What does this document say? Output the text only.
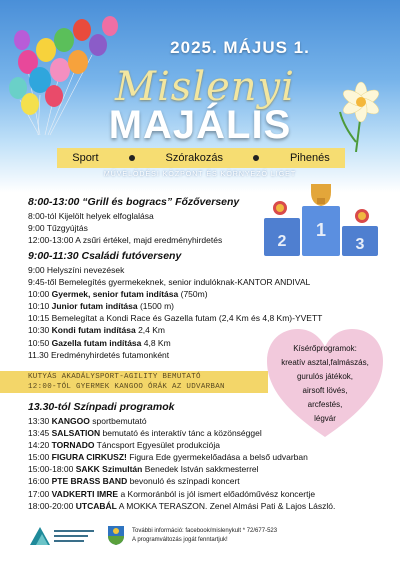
2025. MÁJUS 1.
Mislenyi
MAJÁLIS
Sport	Szórakozás	Pihenés
MŰVELŐDÉSI KÖZPONT ÉS KÖRNYEZŐ LIGET
8:00-13:00 “Grill és bogracs” Főzőverseny
8:00-tól Kijelölt helyek elfoglalása
9:00 Tűzgyújtás
12:00-13:00 A zsűri értékel, majd eredményhirdetés	2
1
3
9:00-11:30 Családi futóverseny
9:00 Helyszíni nevezések
9:45-től Bemelegítés gyermekeknek, senior indulóknak-KANTOR ANDIVAL
10:00 Gyermek, senior futam indítása (750m)
10:10 Junior futam indítása (1500 m)
10:15 Bemelegítat a Kondi Race és Gazella futam (2,4 Km és 4,8 Km)-YVETT
10:30 Kondi futam indítása 2,4 Km
10:50 Gazella futam indítása 4,8 Km
11.30 Eredményhirdetés futamonként
KUTYÁS AKADÁLYSPORT-AGILITY BEMUTATÓ
12:00-TÓL GYERMEK KANGOO ÓRÁK AZ UDVARBAN
Kísérőprogramok:
kreatív asztal,falmászás,
gurulós játékok,
airsoft lövés,
arcfestés,
légvár
13.30-tól Színpadi programok
13:30 KANGOO sportbemutató
13:45 SALSATION bemutató és interaktív tánc a közönséggel
14:20 TORNADO Táncsport Egyesület produkciója
15:00 FIGURA CIRKUSZ! Figura Ede gyermekelőadása a belső udvarban
15:00-18:00 SAKK Szimultán Benedek István sakkmesterrel
16:00 PTE BRASS BAND bevonuló és színpadi koncert
17:00 VADKERTI IMRE a Kormoránból is jól ismert előadóművész koncertje
18:00-20:00 UTCABÁL A MOKKA TERASZON. Zenel Almási Pati & Lajos László.
További információ: facebook/mislenykult * 72/677-523
A programváltozás jogát fenntartjuk!
